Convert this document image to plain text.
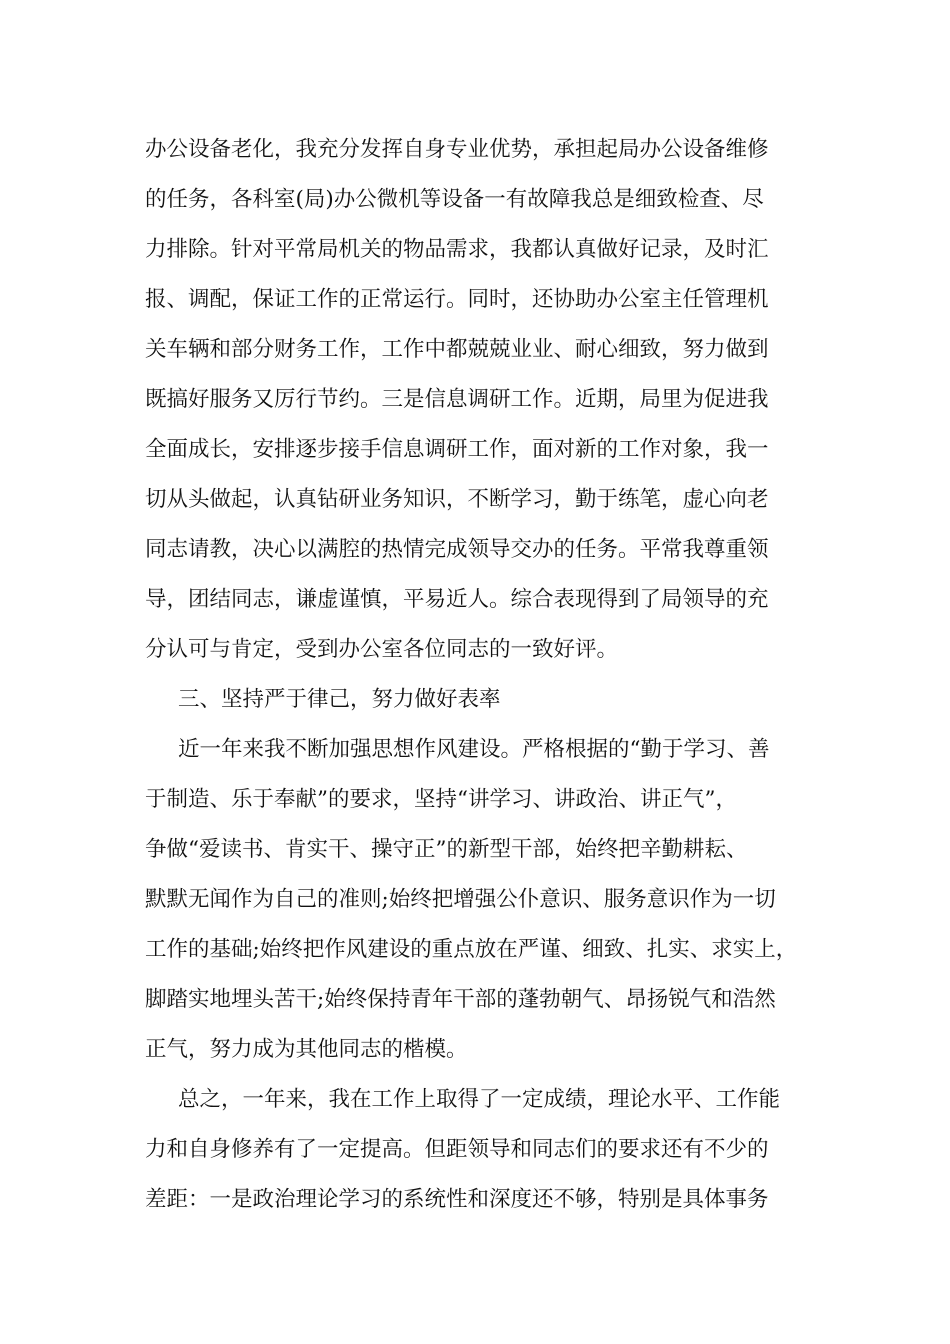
办公设备老化，我充分发挥自身专业优势，承担起局办公设备维修
的任务，各科室(局)办公微机等设备一有故障我总是细致检查、尽
力排除。针对平常局机关的物品需求，我都认真做好记录，及时汇
报、调配，保证工作的正常运行。同时，还协助办公室主任管理机
关车辆和部分财务工作，工作中都兢兢业业、耐心细致，努力做到
既搞好服务又厉行节约。三是信息调研工作。近期，局里为促进我
全面成长，安排逐步接手信息调研工作，面对新的工作对象，我一
切从头做起，认真钻研业务知识，不断学习，勤于练笔，虚心向老
同志请教，决心以满腔的热情完成领导交办的任务。平常我尊重领
导，团结同志，谦虚谨慎，平易近人。综合表现得到了局领导的充
分认可与肯定，受到办公室各位同志的一致好评。
三、坚持严于律己，努力做好表率
近一年来我不断加强思想作风建设。严格根据的“勤于学习、善
于制造、乐于奉献”的要求，坚持“讲学习、讲政治、讲正气”，
争做“爱读书、肯实干、操守正”的新型干部，始终把辛勤耕耘、
默默无闻作为自己的准则;始终把增强公仆意识、服务意识作为一切
工作的基础;始终把作风建设的重点放在严谨、细致、扎实、求实上，
脚踏实地埋头苦干;始终保持青年干部的蓬勃朝气、昂扬锐气和浩然
正气，努力成为其他同志的楷模。
总之，一年来，我在工作上取得了一定成绩，理论水平、工作能
力和自身修养有了一定提高。但距领导和同志们的要求还有不少的
差距：一是政治理论学习的系统性和深度还不够，特别是具体事务
